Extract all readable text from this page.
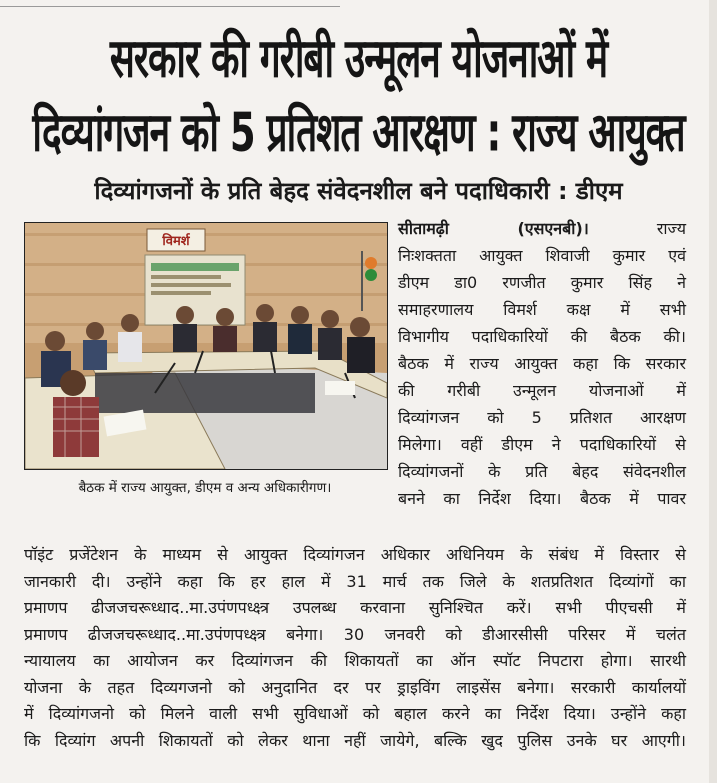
सरकार की गरीबी उन्मूलन योजनाओं में
दिव्यांगजन को 5 प्रतिशत आरक्षण : राज्य आयुक्त
दिव्यांगजनों के प्रति बेहद संवेदनशील बने पदाधिकारी : डीएम
विमर्श
बैठक में राज्य आयुक्त, डीएम व अन्य अधिकारीगण।
सीतामढ़ी (एसएनबी)।	राज्य
निःशक्तता आयुक्त शिवाजी कुमार एवं
डीएम डा0 रणजीत कुमार सिंह ने
समाहरणालय विमर्श कक्ष में सभी
विभागीय पदाधिकारियों की बैठक की।
बैठक में राज्य आयुक्त कहा कि सरकार
की गरीबी उन्मूलन योजनाओं में
दिव्यांगजन को 5 प्रतिशत आरक्षण
मिलेगा। वहीं डीएम ने पदाधिकारियों से
दिव्यांगजनों के प्रति बेहद संवेदनशील
बनने का निर्देश दिया। बैठक में पावर
पॉइंट प्रजेंटेशन के माध्यम से आयुक्त दिव्यांगजन अधिकार अधिनियम के संबंध में विस्तार से
जानकारी दी। उन्होंने कहा कि हर हाल में 31 मार्च तक जिले के शतप्रतिशत दिव्यांगों का
प्रमाणप ढीजजचरूध्धाद..मा.उपंणपध्क्ष्त्र उपलब्ध करवाना सुनिश्चित करें। सभी पीएचसी में
प्रमाणप ढीजजचरूध्धाद..मा.उपंणपध्क्ष्त्र बनेगा। 30 जनवरी को डीआरसीसी परिसर में चलंत
न्यायालय का आयोजन कर दिव्यांगजन की शिकायतों का ऑन स्पॉट निपटारा होगा। सारथी
योजना के तहत दिव्यगजनो को अनुदानित दर पर ड्राइविंग लाइसेंस बनेगा। सरकारी कार्यालयों
में दिव्यांगजनो को मिलने वाली सभी सुविधाओं को बहाल करने का निर्देश दिया। उन्होंने कहा
कि दिव्यांग अपनी शिकायतों को लेकर थाना नहीं जायेगे, बल्कि खुद पुलिस उनके घर आएगी।
